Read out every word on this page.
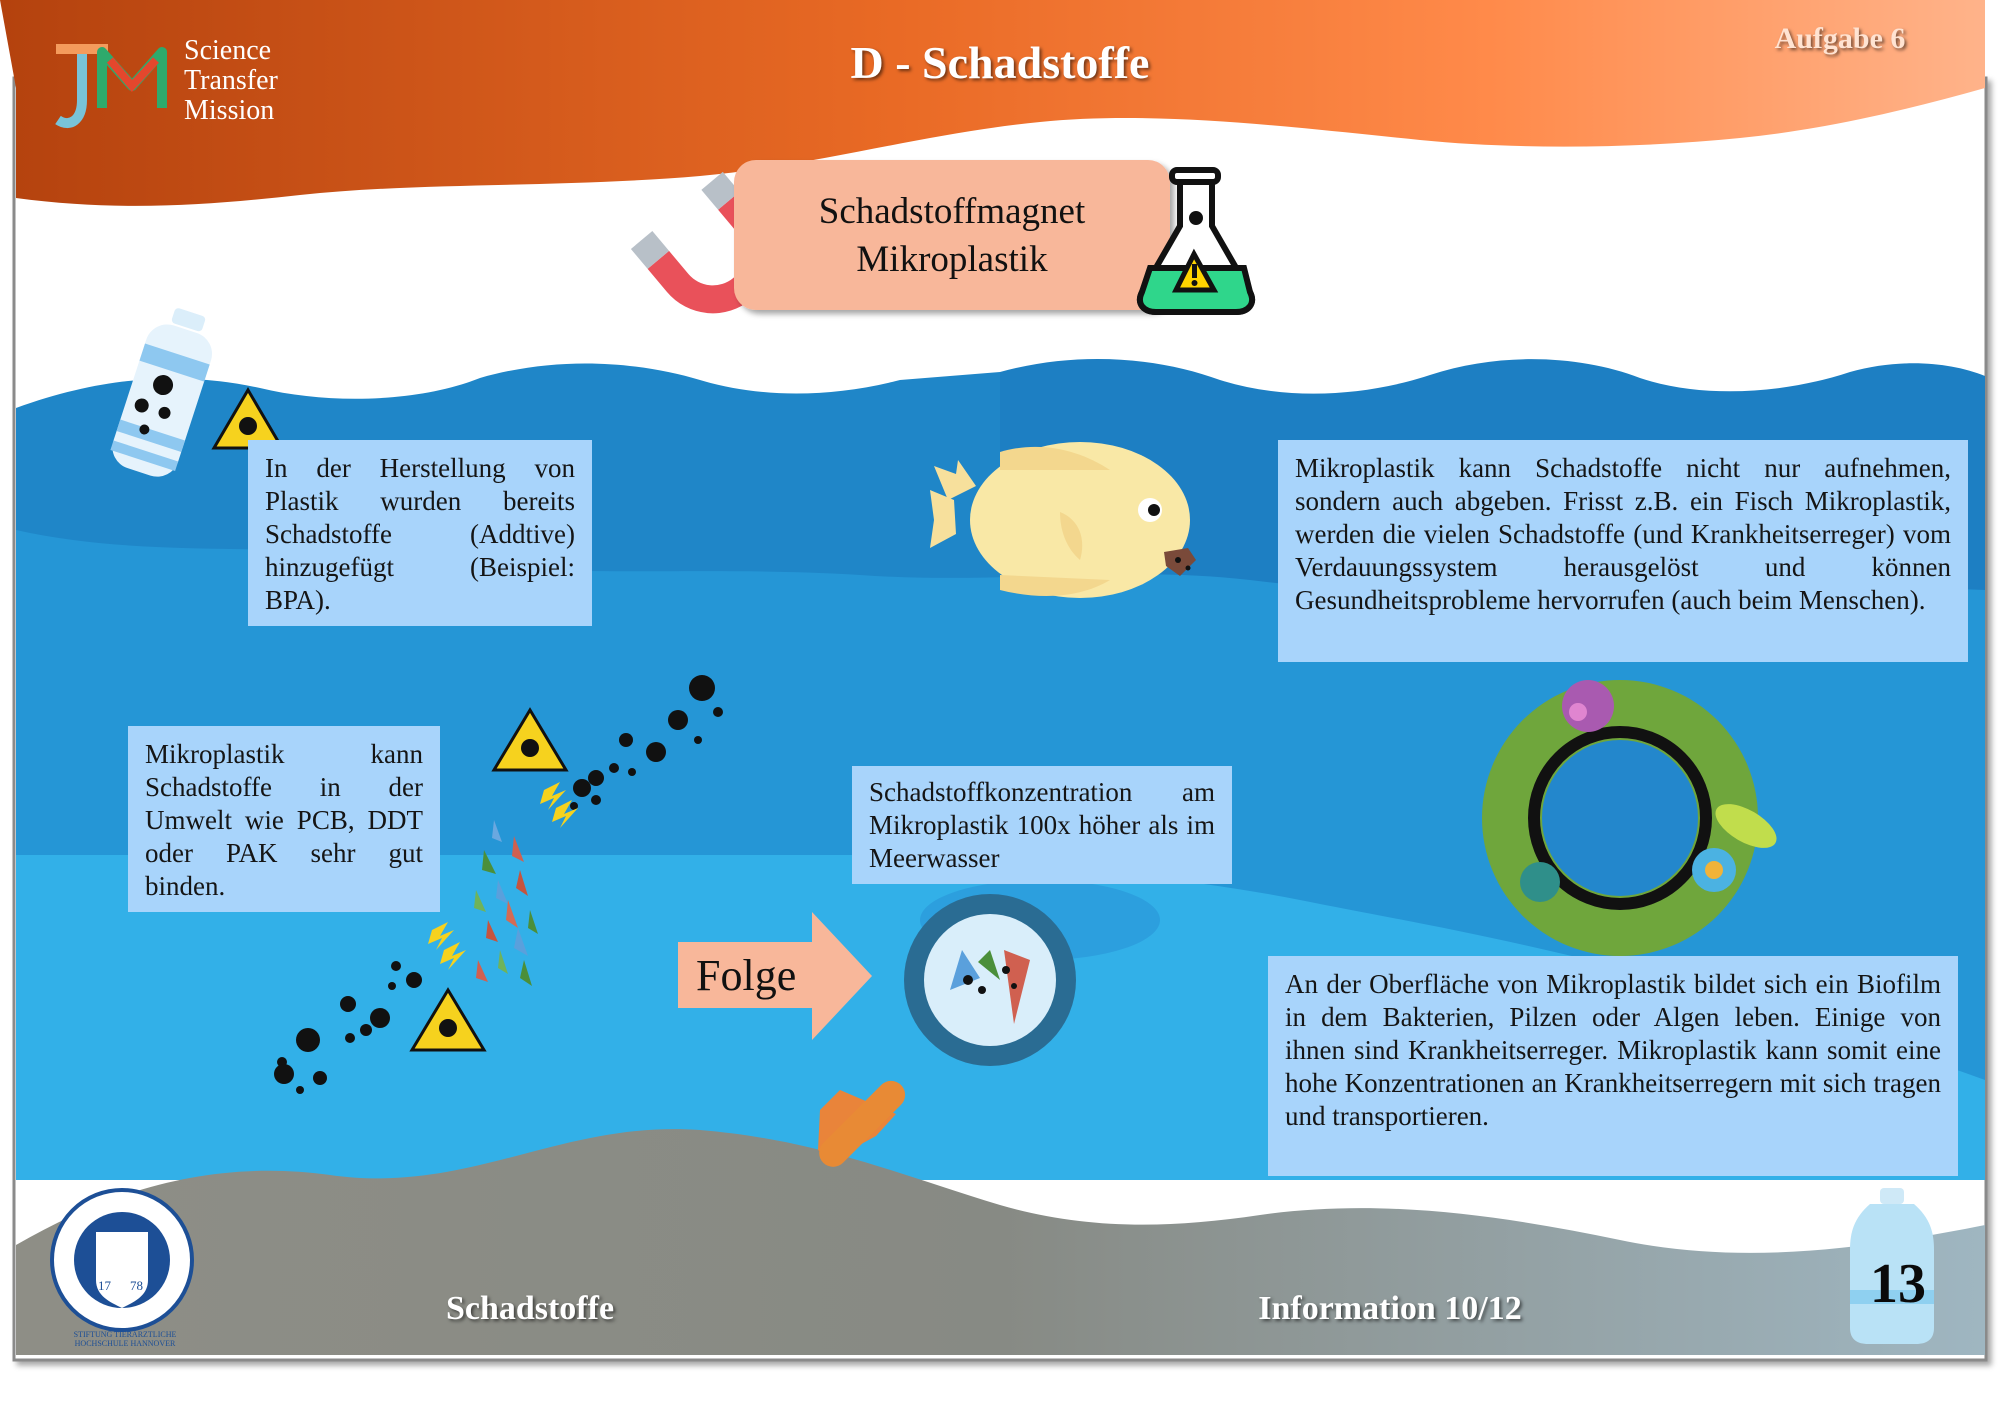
Science
Transfer
Mission
D - Schadstoffe	Aufgabe 6
Schadstoffmagnet
Mikroplastik
In der Herstellung von Plastik wurden bereits Schadstoffe (Addtive) hinzugefügt (Beispiel: BPA).
Mikroplastik kann Schadstoffe in der Umwelt wie PCB, DDT oder PAK sehr gut binden.
Schadstoffkonzentration am Mikroplastik 100x höher als im Meerwasser
Mikroplastik kann Schadstoffe nicht nur aufnehmen, sondern auch abgeben. Frisst z.B. ein Fisch Mikroplastik, werden die vielen Schadstoffe (und Krankheitserreger) vom Verdauungssystem herausgelöst und können Gesundheitsprobleme hervorrufen (auch beim Menschen).
An der Oberfläche von Mikroplastik bildet sich ein Biofilm in dem Bakterien, Pilzen oder Algen leben. Einige von ihnen sind Krankheitserreger. Mikroplastik kann somit eine hohe Konzentrationen an Krankheitserregern mit sich tragen und transportieren.
Folge
Schadstoffe	Information 10/12	13
17 78
STIFTUNG TIERÄRZTLICHE HOCHSCHULE HANNOVER
